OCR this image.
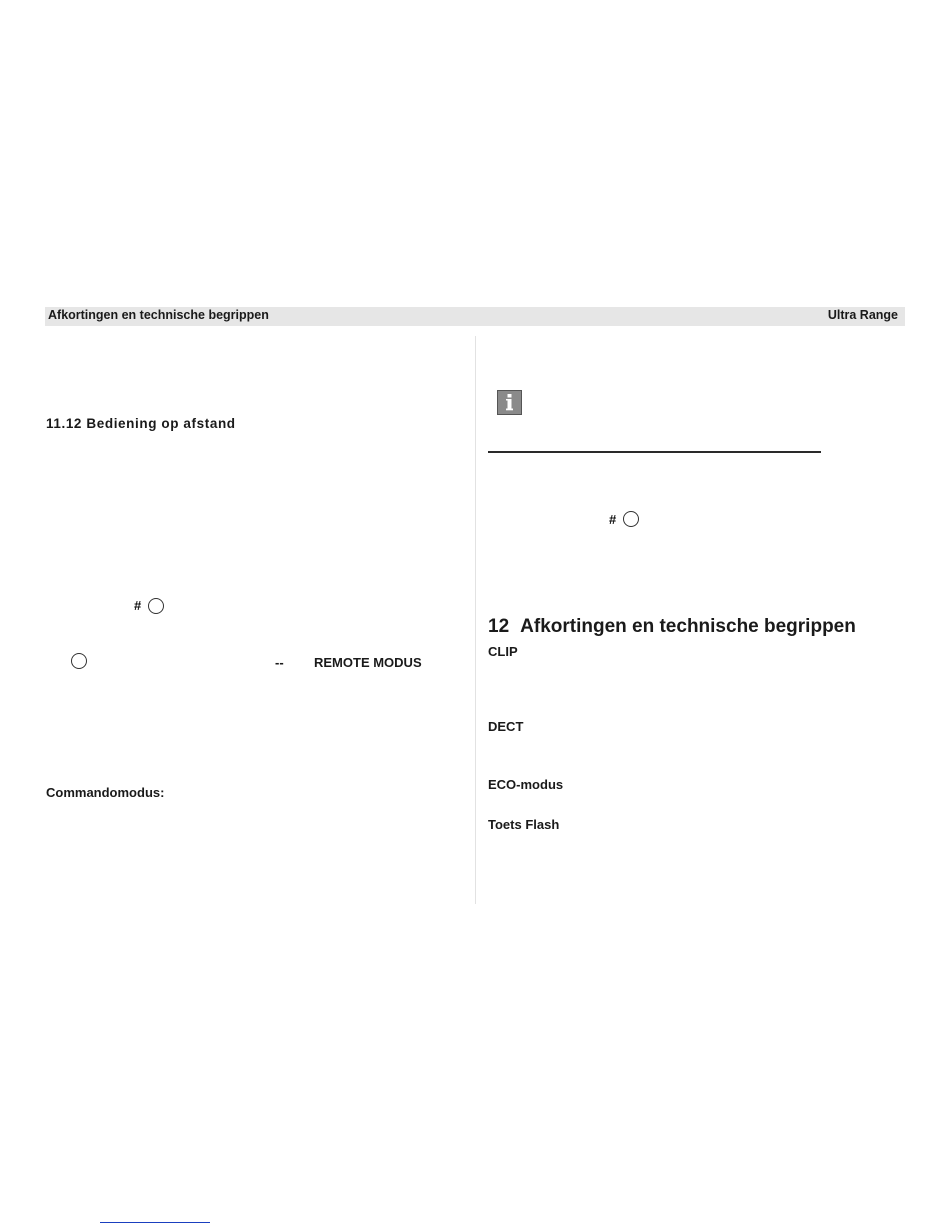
Afkortingen en technische begrippen	Ultra Range
11.12 Bediening op afstand
#
-- REMOTE MODUS
Commandomodus:
#
12 Afkortingen en technische begrippen
CLIP
DECT
ECO-modus
Toets Flash
